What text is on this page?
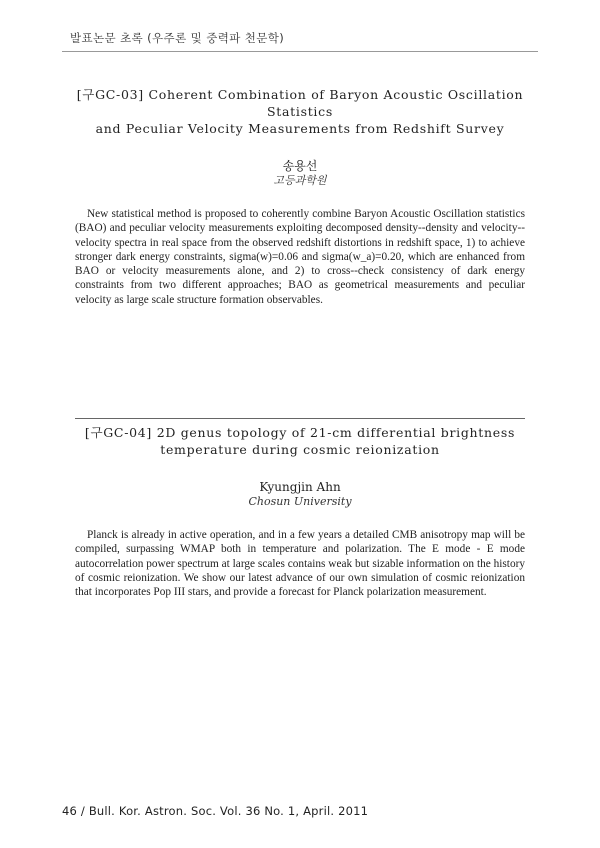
발표논문 초록 (우주론 및 중력파 천문학)
[구GC-03] Coherent Combination of Baryon Acoustic Oscillation Statistics
and Peculiar Velocity Measurements from Redshift Survey
송용선
고등과학원

New statistical method is proposed to coherently combine Baryon Acoustic Oscillation statistics (BAO) and peculiar velocity measurements exploiting decomposed density--density and velocity--velocity spectra in real space from the observed redshift distortions in redshift space, 1) to achieve stronger dark energy constraints, sigma(w)=0.06 and sigma(w_a)=0.20, which are enhanced from BAO or velocity measurements alone, and 2) to cross--check consistency of dark energy constraints from two different approaches; BAO as geometrical measurements and peculiar velocity as large scale structure formation observables.

[구GC-04] 2D genus topology of 21-cm differential brightness
temperature during cosmic reionization
Kyungjin Ahn
Chosun University

Planck is already in active operation, and in a few years a detailed CMB anisotropy map will be compiled, surpassing WMAP both in temperature and polarization. The E mode - E mode autocorrelation power spectrum at large scales contains weak but sizable information on the history of cosmic reionization. We show our latest advance of our own simulation of cosmic reionization that incorporates Pop III stars, and provide a forecast for Planck polarization measurement.

46 / Bull. Kor. Astron. Soc. Vol. 36 No. 1, April. 2011
